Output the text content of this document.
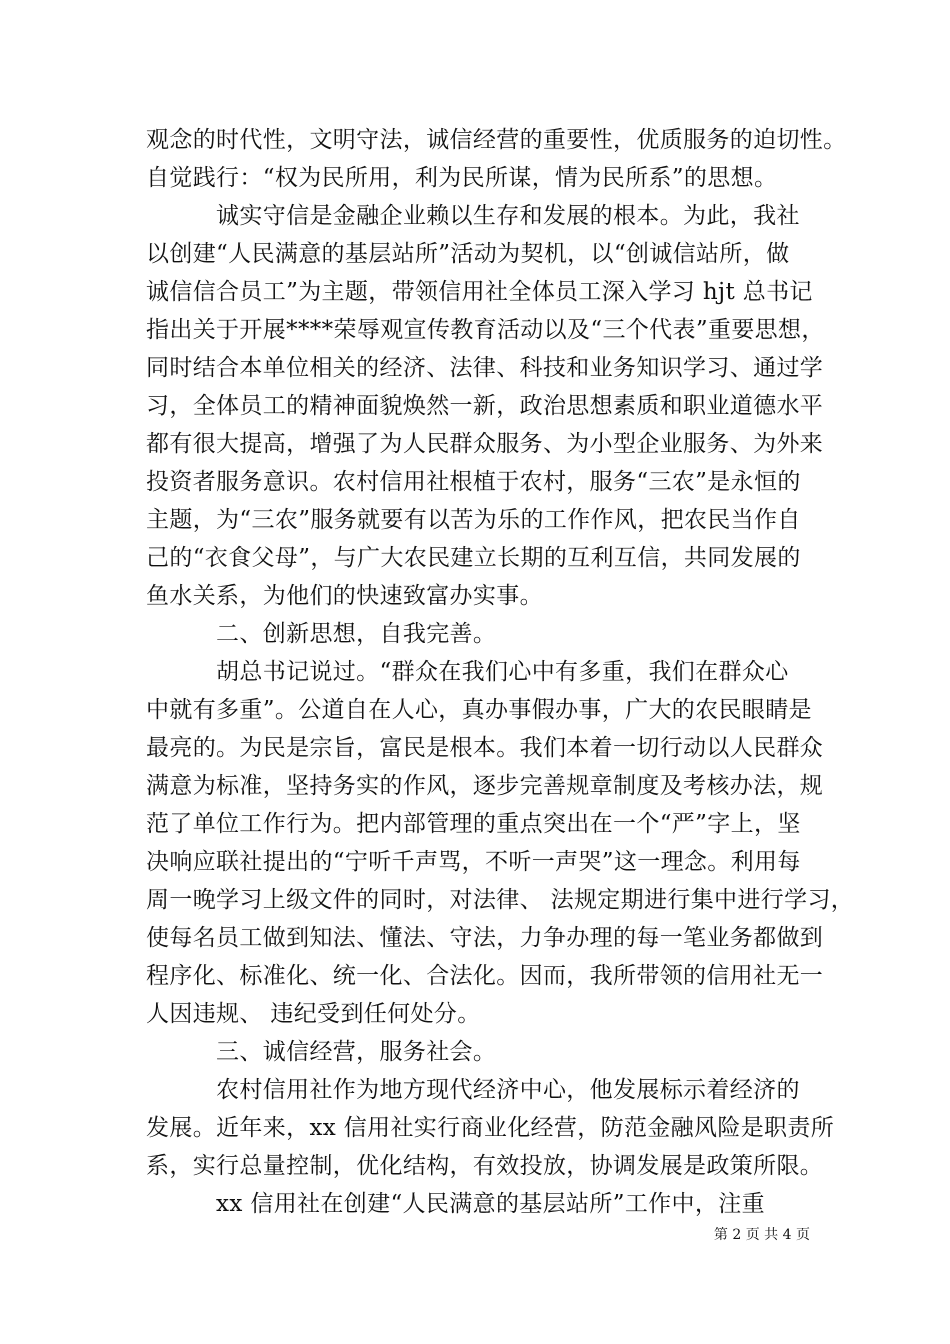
观念的时代性，文明守法，诚信经营的重要性，优质服务的迫切性。
自觉践行：“权为民所用，利为民所谋，情为民所系”的思想。
　　　诚实守信是金融企业赖以生存和发展的根本。为此，我社
以创建“人民满意的基层站所”活动为契机，以“创诚信站所，做
诚信信合员工”为主题，带领信用社全体员工深入学习 hjt 总书记
指出关于开展****荣辱观宣传教育活动以及“三个代表”重要思想，
同时结合本单位相关的经济、法律、科技和业务知识学习、通过学
习，全体员工的精神面貌焕然一新，政治思想素质和职业道德水平
都有很大提高，增强了为人民群众服务、为小型企业服务、为外来
投资者服务意识。农村信用社根植于农村，服务“三农”是永恒的
主题，为“三农”服务就要有以苦为乐的工作作风，把农民当作自
己的“衣食父母”，与广大农民建立长期的互利互信，共同发展的
鱼水关系，为他们的快速致富办实事。
　　　二、创新思想，自我完善。
　　　胡总书记说过。“群众在我们心中有多重，我们在群众心
中就有多重”。公道自在人心，真办事假办事，广大的农民眼睛是
最亮的。为民是宗旨，富民是根本。我们本着一切行动以人民群众
满意为标准，坚持务实的作风，逐步完善规章制度及考核办法，规
范了单位工作行为。把内部管理的重点突出在一个“严”字上，坚
决响应联社提出的“宁听千声骂，不听一声哭”这一理念。利用每
周一晚学习上级文件的同时，对法律、 法规定期进行集中进行学习，
使每名员工做到知法、懂法、守法，力争办理的每一笔业务都做到
程序化、标准化、统一化、合法化。因而，我所带领的信用社无一
人因违规、 违纪受到任何处分。
　　　三、诚信经营，服务社会。
　　　农村信用社作为地方现代经济中心，他发展标示着经济的
发展。近年来，xx 信用社实行商业化经营，防范金融风险是职责所
系，实行总量控制，优化结构，有效投放，协调发展是政策所限。
　　　xx 信用社在创建“人民满意的基层站所”工作中，注重
第 2 页 共 4 页
